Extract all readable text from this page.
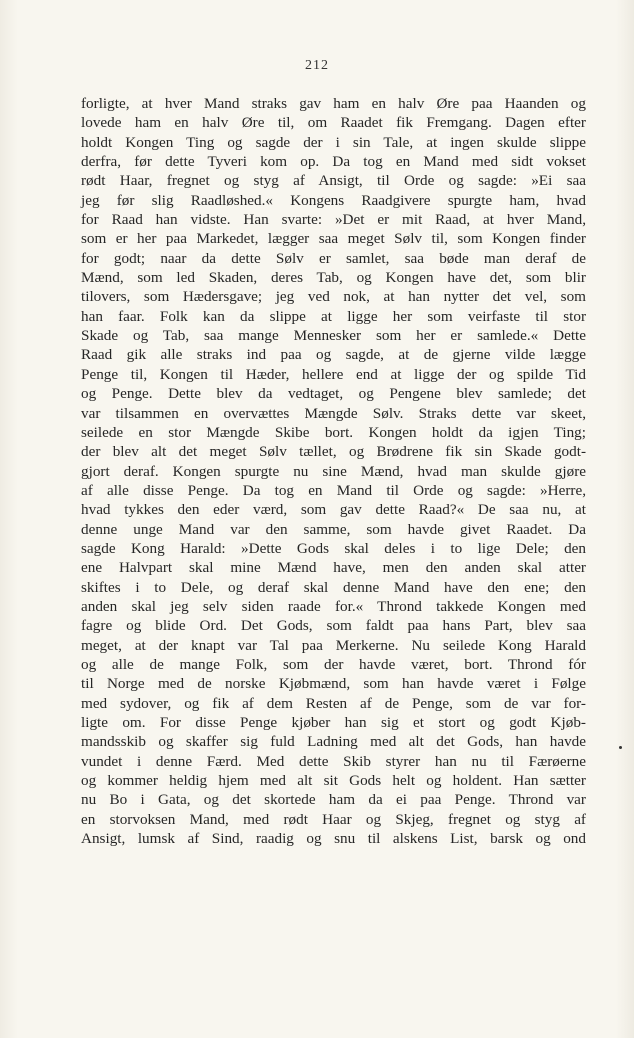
212
forligte, at hver Mand straks gav ham en halv Øre paa Haanden og
lovede ham en halv Øre til, om Raadet fik Fremgang. Dagen efter
holdt Kongen Ting og sagde der i sin Tale, at ingen skulde slippe
derfra, før dette Tyveri kom op. Da tog en Mand med sidt vokset
rødt Haar, fregnet og styg af Ansigt, til Orde og sagde: »Ei saa
jeg før slig Raadløshed.« Kongens Raadgivere spurgte ham, hvad
for Raad han vidste. Han svarte: »Det er mit Raad, at hver Mand,
som er her paa Markedet, lægger saa meget Sølv til, som Kongen finder
for godt; naar da dette Sølv er samlet, saa bøde man deraf de
Mænd, som led Skaden, deres Tab, og Kongen have det, som blir
tilovers, som Hædersgave; jeg ved nok, at han nytter det vel, som
han faar. Folk kan da slippe at ligge her som veirfaste til stor
Skade og Tab, saa mange Mennesker som her er samlede.« Dette
Raad gik alle straks ind paa og sagde, at de gjerne vilde lægge
Penge til, Kongen til Hæder, hellere end at ligge der og spilde Tid
og Penge. Dette blev da vedtaget, og Pengene blev samlede; det
var tilsammen en overvættes Mængde Sølv. Straks dette var skeet,
seilede en stor Mængde Skibe bort. Kongen holdt da igjen Ting;
der blev alt det meget Sølv tællet, og Brødrene fik sin Skade godt-
gjort deraf. Kongen spurgte nu sine Mænd, hvad man skulde gjøre
af alle disse Penge. Da tog en Mand til Orde og sagde: »Herre,
hvad tykkes den eder værd, som gav dette Raad?« De saa nu, at
denne unge Mand var den samme, som havde givet Raadet. Da
sagde Kong Harald: »Dette Gods skal deles i to lige Dele; den
ene Halvpart skal mine Mænd have, men den anden skal atter
skiftes i to Dele, og deraf skal denne Mand have den ene; den
anden skal jeg selv siden raade for.« Thrond takkede Kongen med
fagre og blide Ord. Det Gods, som faldt paa hans Part, blev saa
meget, at der knapt var Tal paa Merkerne. Nu seilede Kong Harald
og alle de mange Folk, som der havde været, bort. Thrond fór
til Norge med de norske Kjøbmænd, som han havde været i Følge
med sydover, og fik af dem Resten af de Penge, som de var for-
ligte om. For disse Penge kjøber han sig et stort og godt Kjøb-
mandsskib og skaffer sig fuld Ladning med alt det Gods, han havde
vundet i denne Færd. Med dette Skib styrer han nu til Færøerne
og kommer heldig hjem med alt sit Gods helt og holdent. Han sætter
nu Bo i Gata, og det skortede ham da ei paa Penge. Thrond var
en storvoksen Mand, med rødt Haar og Skjeg, fregnet og styg af
Ansigt, lumsk af Sind, raadig og snu til alskens List, barsk og ond
